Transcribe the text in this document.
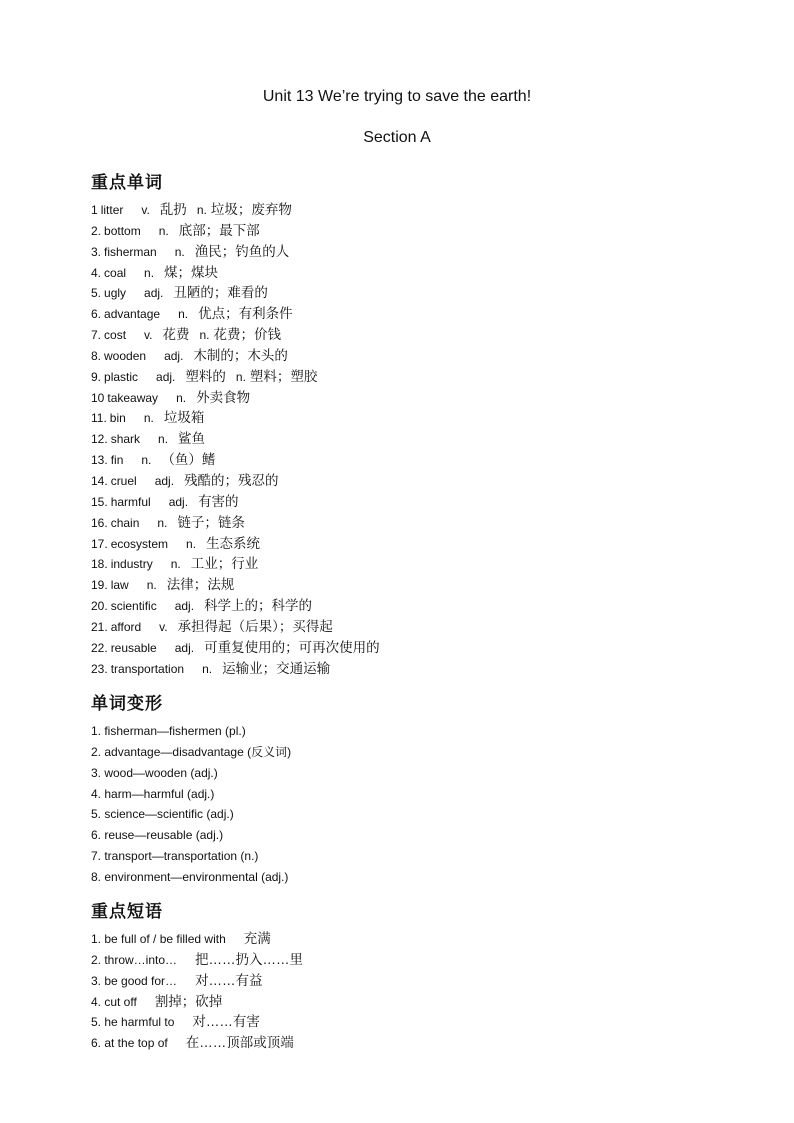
Unit 13 We’re trying to save the earth!
Section A
重点单词
1 litter v. 乱扔 n. 垃圾；废弃物
2. bottom n. 底部；最下部
3. fisherman n. 渔民；钓鱼的人
4. coal n. 煤；煤块
5. ugly adj. 丑陋的；难看的
6. advantage n. 优点；有利条件
7. cost v. 花费 n. 花费；价钱
8. wooden adj. 木制的；木头的
9. plastic adj. 塑料的 n. 塑料；塑胶
10 takeaway n. 外卖食物
11. bin n. 垃圾箱
12. shark n. 鲨鱼
13. fin n. （鱼）鳍
14. cruel adj. 残酷的；残忍的
15. harmful adj. 有害的
16. chain n. 链子；链条
17. ecosystem n. 生态系统
18. industry n. 工业；行业
19. law n. 法律；法规
20. scientific adj. 科学上的；科学的
21. afford v. 承担得起（后果）；买得起
22. reusable adj. 可重复使用的；可再次使用的
23. transportation n. 运输业；交通运输
单词变形
1. fisherman—fishermen (pl.)
2. advantage—disadvantage (反义词)
3. wood—wooden (adj.)
4. harm—harmful (adj.)
5. science—scientific (adj.)
6. reuse—reusable (adj.)
7. transport—transportation (n.)
8. environment—environmental (adj.)
重点短语
1. be full of / be filled with 充满
2. throw…into… 把……扔入……里
3. be good for… 对……有益
4. cut off 割掉；砍掉
5. he harmful to 对……有害
6. at the top of 在……顶部或顶端
